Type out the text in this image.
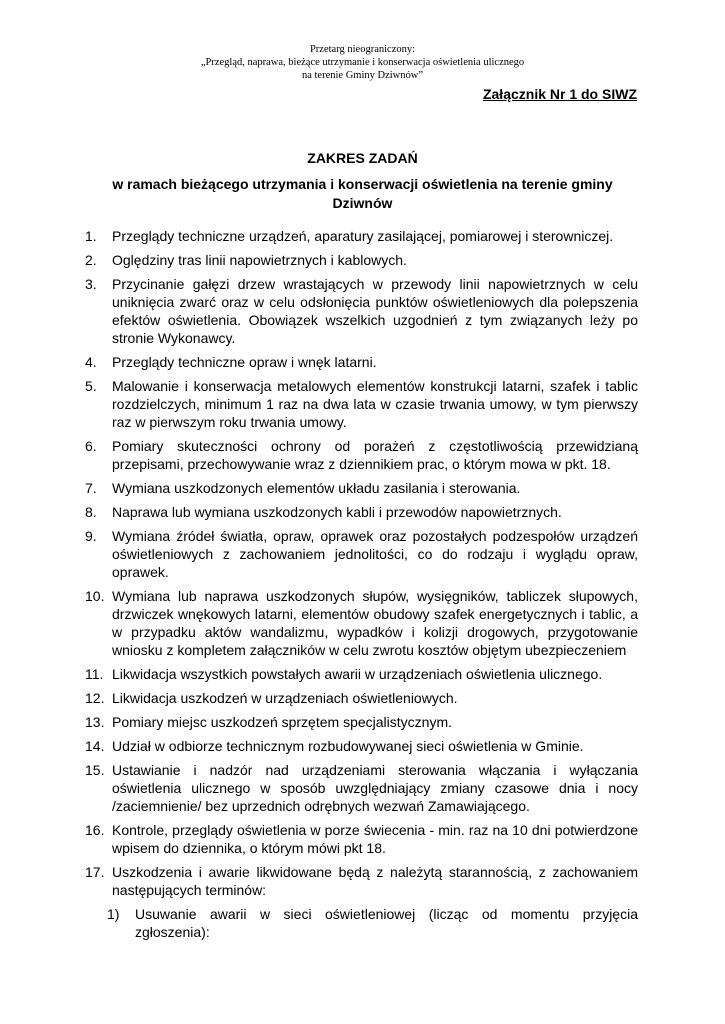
Przetarg nieograniczony:
„Przegląd, naprawa, bieżące utrzymanie i konserwacja oświetlenia ulicznego
na terenie Gminy Dziwnów”
Załącznik Nr 1 do SIWZ
ZAKRES ZADAŃ
w ramach bieżącego utrzymania i konserwacji oświetlenia na terenie gminy Dziwnów
1.	Przeglądy techniczne urządzeń, aparatury zasilającej, pomiarowej i sterowniczej.
2.	Oględziny tras linii napowietrznych i kablowych.
3.	Przycinanie gałęzi drzew wrastających w przewody linii napowietrznych w celu uniknięcia zwarć oraz w celu odsłonięcia punktów oświetleniowych dla polepszenia efektów oświetlenia. Obowiązek wszelkich uzgodnień z tym związanych leży po stronie Wykonawcy.
4.	Przeglądy techniczne opraw i wnęk latarni.
5.	Malowanie i konserwacja metalowych elementów konstrukcji latarni, szafek i tablic rozdzielczych, minimum 1 raz na dwa lata w czasie trwania umowy, w tym pierwszy raz w pierwszym roku trwania umowy.
6.	Pomiary skuteczności ochrony od porażeń z częstotliwością przewidzianą przepisami, przechowywanie wraz z dziennikiem prac, o którym mowa w pkt. 18.
7.	Wymiana uszkodzonych elementów układu zasilania i sterowania.
8.	Naprawa lub wymiana uszkodzonych kabli i przewodów napowietrznych.
9.	Wymiana źródeł światła, opraw, oprawek oraz pozostałych podzespołów urządzeń oświetleniowych z zachowaniem jednolitości, co do rodzaju i wyglądu opraw, oprawek.
10. Wymiana lub naprawa uszkodzonych słupów, wysięgników, tabliczek słupowych, drzwiczek wnękowych latarni, elementów obudowy szafek energetycznych i tablic, a w przypadku aktów wandalizmu, wypadków i kolizji drogowych, przygotowanie wniosku z kompletem załączników w celu zwrotu kosztów objętym ubezpieczeniem
11. Likwidacja wszystkich powstałych awarii w urządzeniach oświetlenia ulicznego.
12. Likwidacja uszkodzeń w urządzeniach oświetleniowych.
13. Pomiary miejsc uszkodzeń sprzętem specjalistycznym.
14. Udział w odbiorze technicznym rozbudowywanej sieci oświetlenia w Gminie.
15. Ustawianie i nadzór nad urządzeniami sterowania włączania i wyłączania oświetlenia ulicznego w sposób uwzględniający zmiany czasowe dnia i nocy /zaciemnienie/ bez uprzednich odrębnych wezwań Zamawiającego.
16. Kontrole, przeglądy oświetlenia w porze świecenia - min. raz na 10 dni potwierdzone wpisem do dziennika, o którym mówi pkt 18.
17. Uszkodzenia i awarie likwidowane będą z należytą starannością, z zachowaniem następujących terminów:
1)	Usuwanie awarii w sieci oświetleniowej (licząc od momentu przyjęcia zgłoszenia):
